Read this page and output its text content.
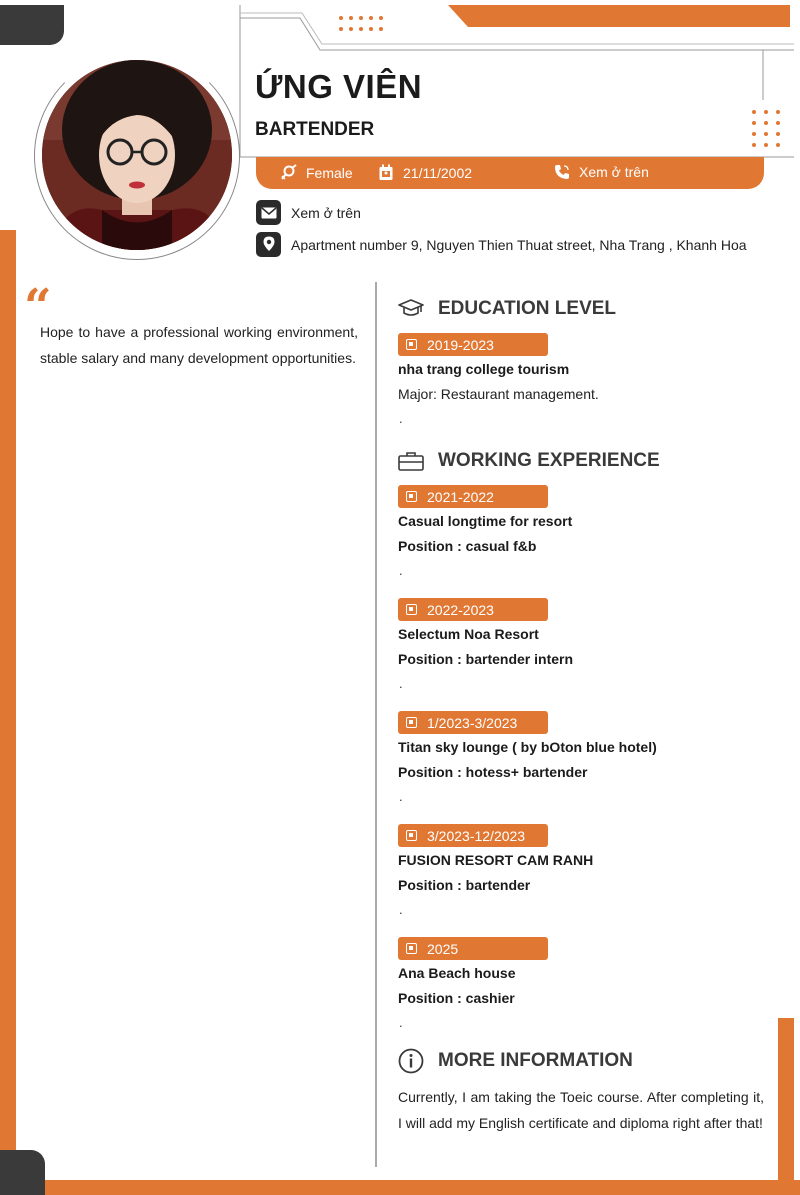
ỨNG VIÊN
BARTENDER
Female	21/11/2002	Xem ở trên
Xem ở trên
Apartment number 9, Nguyen Thien Thuat street, Nha Trang , Khanh Hoa
“
Hope to have a professional working environment, stable salary and many development opportunities.
EDUCATION LEVEL
2019-2023
nha trang college tourism
Major: Restaurant management.
.
WORKING EXPERIENCE
2021-2022
Casual longtime for resort
Position : casual f&b
.
2022-2023
Selectum Noa Resort
Position : bartender intern
.
1/2023-3/2023
Titan sky lounge ( by bOton blue hotel)
Position : hotess+ bartender
.
3/2023-12/2023
FUSION RESORT CAM RANH
Position : bartender
.
2025
Ana Beach house
Position : cashier
.
MORE INFORMATION
Currently, I am taking the Toeic course. After completing it, I will add my English certificate and diploma right after that!
